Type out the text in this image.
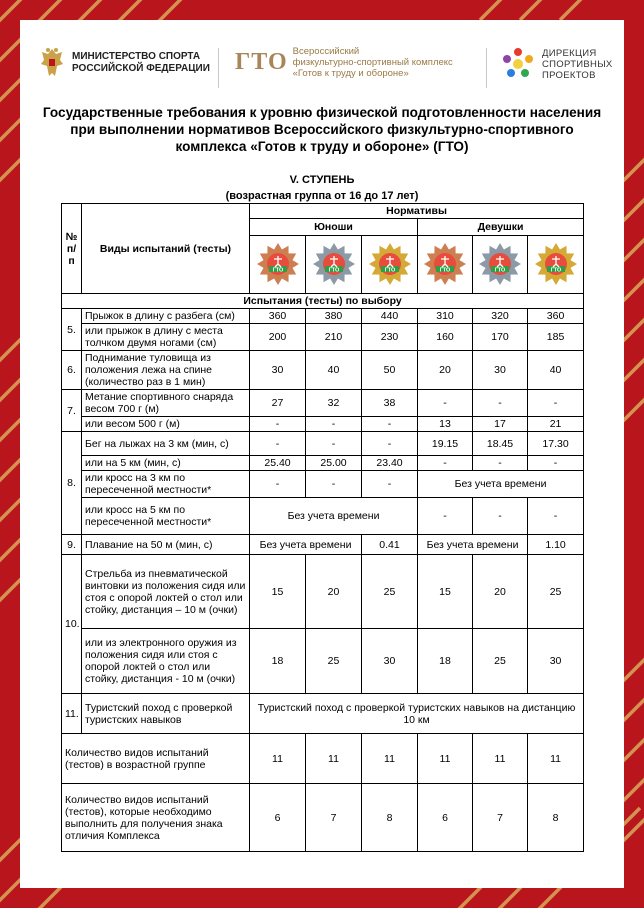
МИНИСТЕРСТВО СПОРТА
РОССИЙСКОЙ ФЕДЕРАЦИИ ГТО Всероссийский
физкультурно-спортивный комплекс
«Готов к труду и обороне»
ДИРЕКЦИЯ
СПОРТИВНЫХ
ПРОЕКТОВ
Государственные требования к уровню физической подготовленности населения
при выполнении нормативов Всероссийского физкультурно-спортивного
комплекса «Готов к труду и обороне» (ГТО)
V. СТУПЕНЬ
(возрастная группа от 16 до 17 лет)
№ п/п	Виды испытаний (тесты)	Нормативы					
		Юноши			Девушки		

ГТО	ГТО	ГТО	ГТО	ГТО	ГТО

Испытания (тесты) по выбору							
5.	Прыжок в длину с разбега (см)	360	380	440	310	320	360
	или прыжок в длину с места толчком двумя ногами (см)	200	210	230	160	170	185
6.	Поднимание туловища из положения лежа на спине (количество раз в 1 мин)	30	40	50	20	30	40
7.	Метание спортивного снаряда весом 700 г (м)	27	32	38	-	-	-
	или весом 500 г (м)	-	-	-	13	17	21
8.	Бег на лыжах на 3 км (мин, с)	-	-	-	19.15	18.45	17.30
	или на 5 км (мин, с)	25.40	25.00	23.40	-	-	-
	или кросс на 3 км по пересеченной местности*	-	-	-	Без учета времени		
	или кросс на 5 км по пересеченной местности*	Без учета времени			-	-	-
9.	Плавание на 50 м (мин, с)	Без учета времени		0.41	Без учета времени		1.10
10.	Стрельба из пневматической винтовки из положения сидя или стоя с опорой локтей о стол или стойку, дистанция – 10 м (очки)	15	20	25	15	20	25
	или из электронного оружия из положения сидя или стоя с опорой локтей о стол или стойку, дистанция - 10 м (очки)	18	25	30	18	25	30
11.	Туристский поход с проверкой туристских навыков	Туристский поход с проверкой туристских навыков на дистанцию 10 км					
Количество видов испытаний (тестов) в возрастной группе		11	11	11	11	11	11
Количество видов испытаний (тестов), которые необходимо выполнить для получения знака отличия Комплекса		6	7	8	6	7	8
